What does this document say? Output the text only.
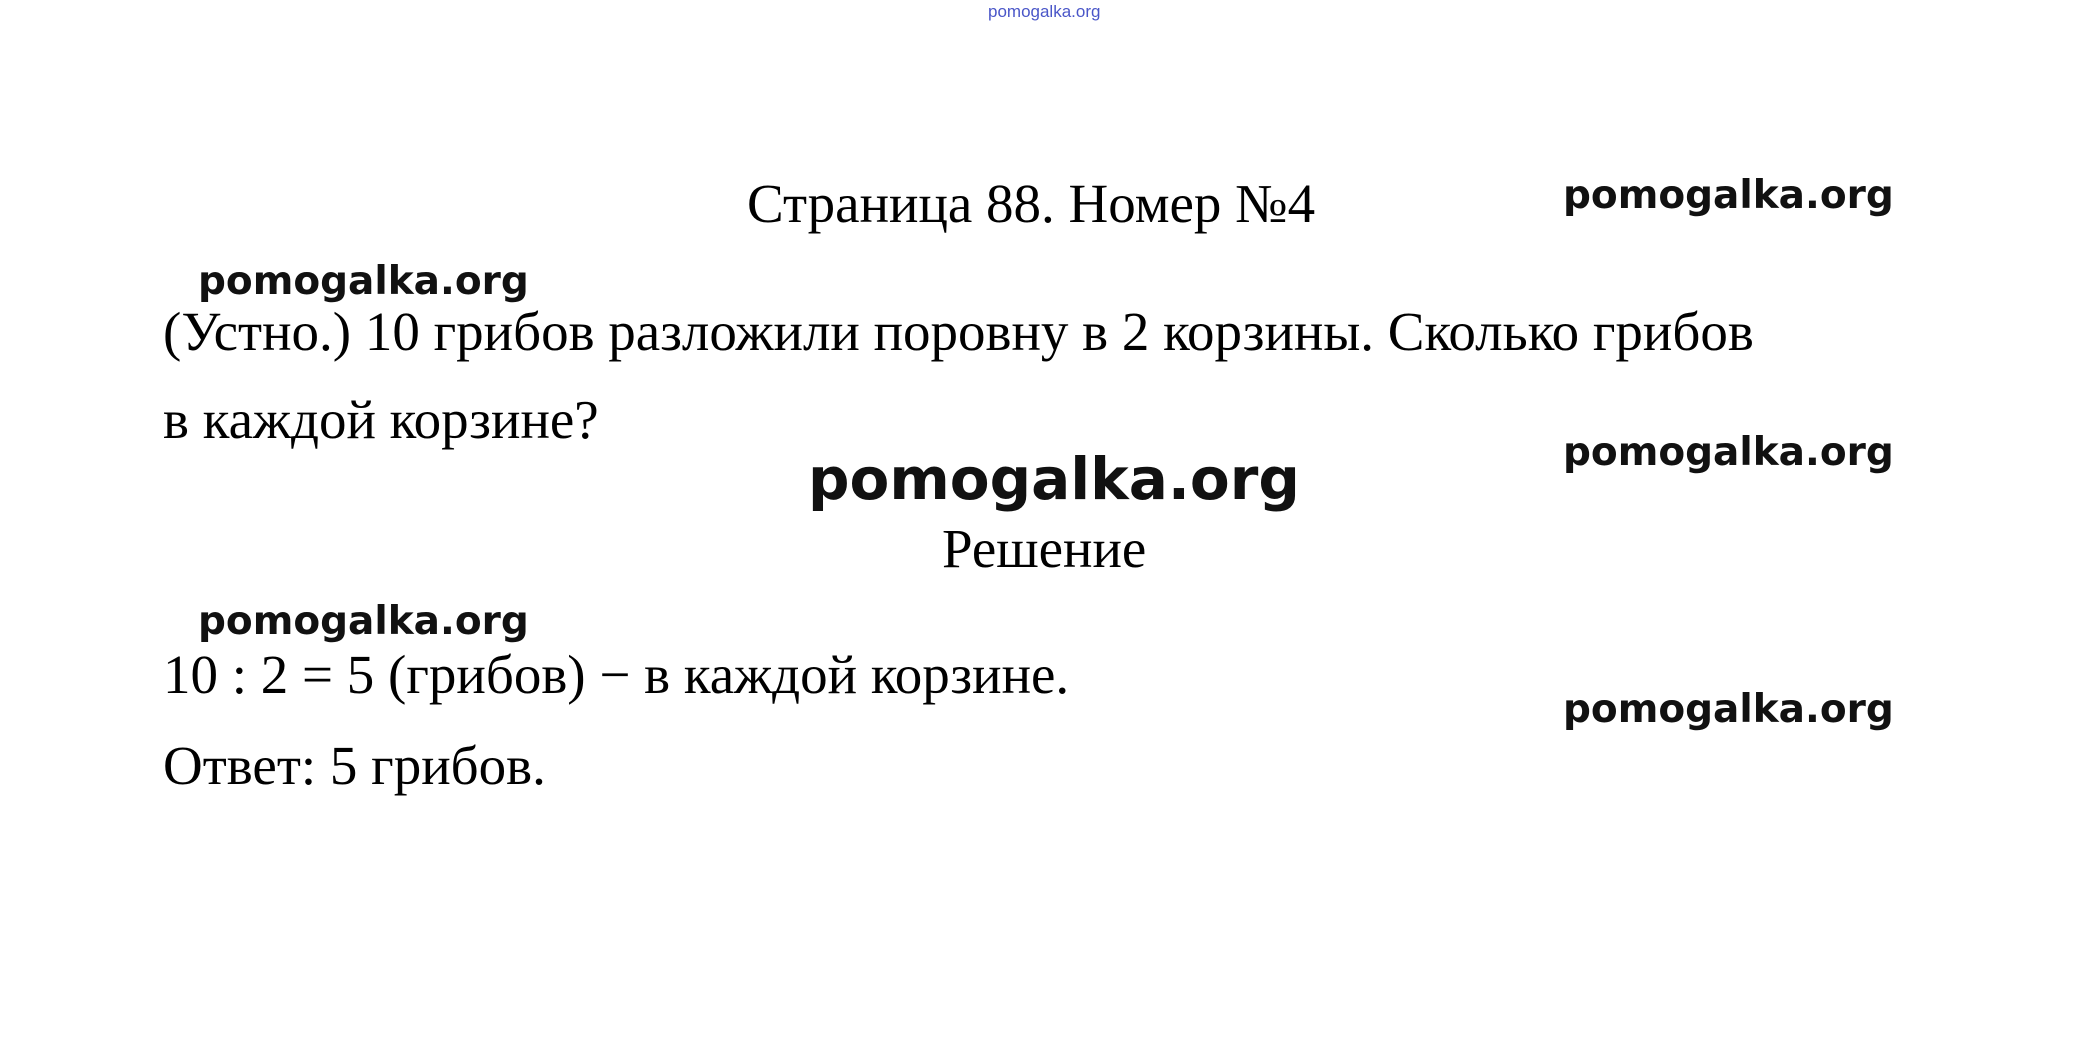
pomogalka.org
Страница 88. Номер №4	pomogalka.org
pomogalka.org
(Устно.) 10 грибов разложили поровну в 2 корзины. Сколько грибов
в каждой корзине?
pomogalka.org
pomogalka.org
Решение
pomogalka.org
10 : 2 = 5 (грибов) − в каждой корзине.
pomogalka.org
Ответ: 5 грибов.
